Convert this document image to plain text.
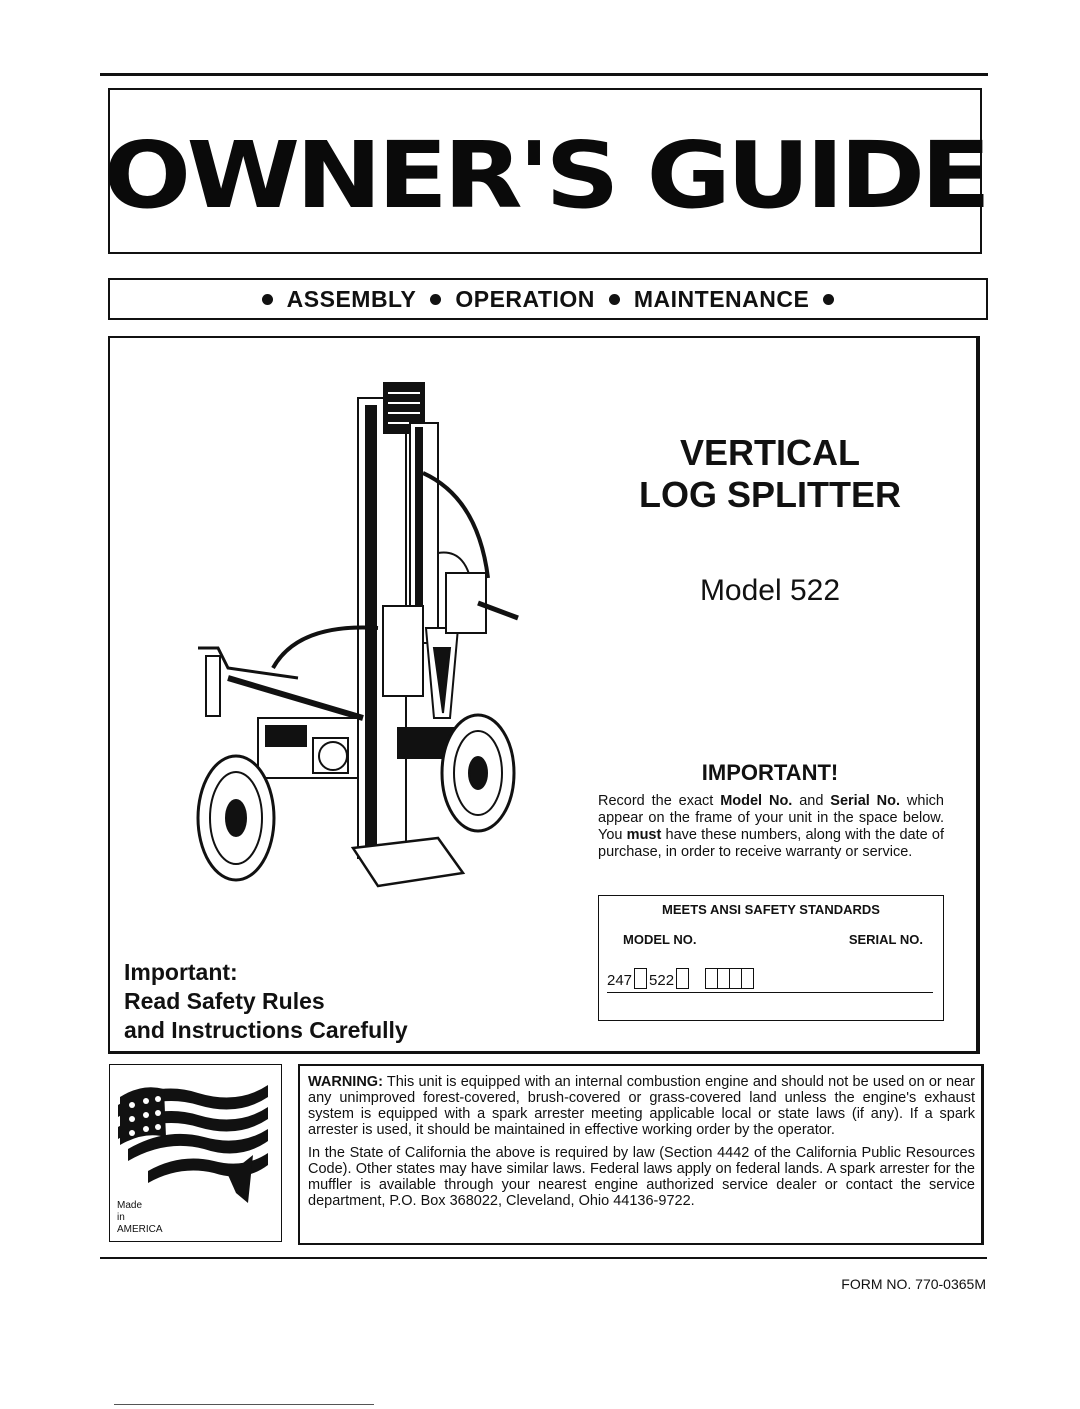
OWNER'S GUIDE
ASSEMBLY OPERATION MAINTENANCE
VERTICAL
LOG SPLITTER
Model 522
IMPORTANT!
Record the exact Model No. and Serial No. which appear on the frame of your unit in the space below. You must have these numbers, along with the date of purchase, in order to receive warranty or service.
MEETS ANSI SAFETY STANDARDS
MODEL NO.	SERIAL NO.
247 522
Important:
Read Safety Rules
and Instructions Carefully
Made
in
AMERICA

WARNING: This unit is equipped with an internal combustion engine and should not be used on or near any unimproved forest-covered, brush-covered or grass-covered land unless the engine's exhaust system is equipped with a spark arrester meeting applicable local or state laws (if any). If a spark arrester is used, it should be maintained in effective working order by the operator.

In the State of California the above is required by law (Section 4442 of the California Public Resources Code). Other states may have similar laws. Federal laws apply on federal lands. A spark arrester for the muffler is available through your nearest engine authorized service dealer or contact the service department, P.O. Box 368022, Cleveland, Ohio 44136-9722.

FORM NO. 770-0365M
